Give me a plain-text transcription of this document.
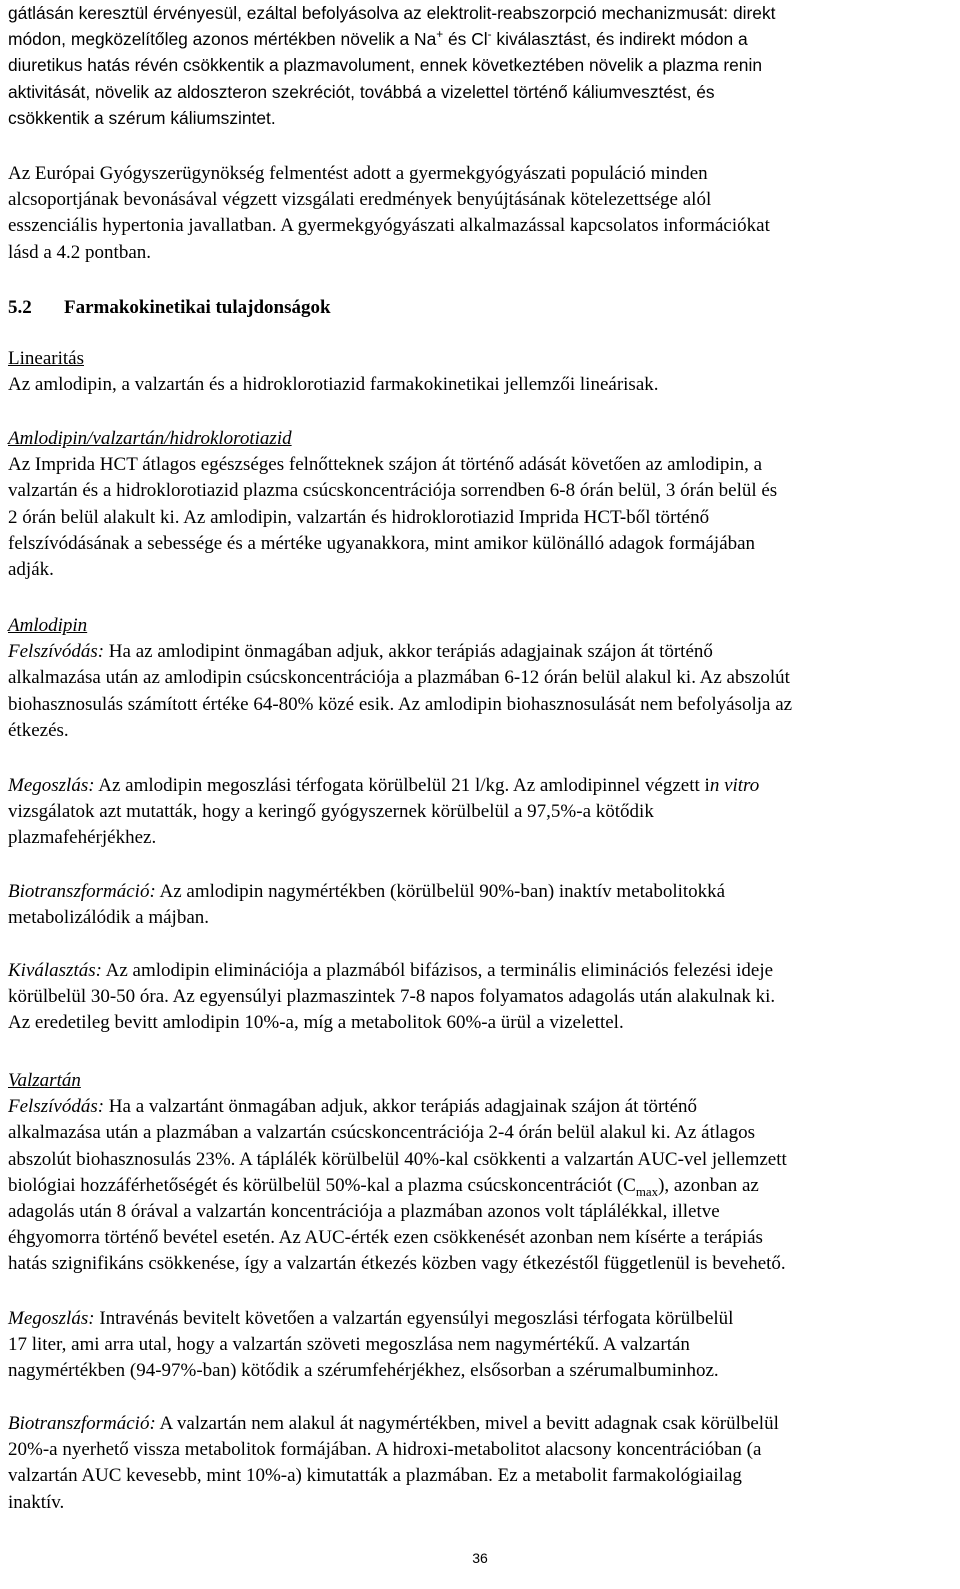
gátlásán keresztül érvényesül, ezáltal befolyásolva az elektrolit-reabszorpció mechanizmusát: direkt
módon, megközelítőleg azonos mértékben növelik a Na+ és Cl- kiválasztást, és indirekt módon a
diuretikus hatás révén csökkentik a plazmavolument, ennek következtében növelik a plazma renin
aktivitását, növelik az aldoszteron szekréciót, továbbá a vizelettel történő káliumvesztést, és
csökkentik a szérum káliumszintet.

Az Európai Gyógyszerügynökség felmentést adott a gyermekgyógyászati populáció minden
alcsoportjának bevonásával végzett vizsgálati eredmények benyújtásának kötelezettsége alól
esszenciális hypertonia javallatban. A gyermekgyógyászati alkalmazással kapcsolatos információkat
lásd a 4.2 pontban.

5.2	Farmakokinetikai tulajdonságok

Linearitás
Az amlodipin, a valzartán és a hidroklorotiazid farmakokinetikai jellemzői lineárisak.

Amlodipin/valzartán/hidroklorotiazid
Az Imprida HCT átlagos egészséges felnőtteknek szájon át történő adását követően az amlodipin, a
valzartán és a hidroklorotiazid plazma csúcskoncentrációja sorrendben 6-8 órán belül, 3 órán belül és
2 órán belül alakult ki. Az amlodipin, valzartán és hidroklorotiazid Imprida HCT-ből történő
felszívódásának a sebessége és a mértéke ugyanakkora, mint amikor különálló adagok formájában
adják.

Amlodipin
Felszívódás: Ha az amlodipint önmagában adjuk, akkor terápiás adagjainak szájon át történő
alkalmazása után az amlodipin csúcskoncentrációja a plazmában 6-12 órán belül alakul ki. Az abszolút
biohasznosulás számított értéke 64-80% közé esik. Az amlodipin biohasznosulását nem befolyásolja az
étkezés.

Megoszlás: Az amlodipin megoszlási térfogata körülbelül 21 l/kg. Az amlodipinnel végzett in vitro
vizsgálatok azt mutatták, hogy a keringő gyógyszernek körülbelül a 97,5%-a kötődik
plazmafehérjékhez.

Biotranszformáció: Az amlodipin nagymértékben (körülbelül 90%-ban) inaktív metabolitokká
metabolizálódik a májban.

Kiválasztás: Az amlodipin eliminációja a plazmából bifázisos, a terminális eliminációs felezési ideje
körülbelül 30-50 óra. Az egyensúlyi plazmaszintek 7-8 napos folyamatos adagolás után alakulnak ki.
Az eredetileg bevitt amlodipin 10%-a, míg a metabolitok 60%-a ürül a vizelettel.

Valzartán
Felszívódás: Ha a valzartánt önmagában adjuk, akkor terápiás adagjainak szájon át történő
alkalmazása után a plazmában a valzartán csúcskoncentrációja 2-4 órán belül alakul ki. Az átlagos
abszolút biohasznosulás 23%. A táplálék körülbelül 40%-kal csökkenti a valzartán AUC-vel jellemzett
biológiai hozzáférhetőségét és körülbelül 50%-kal a plazma csúcskoncentrációt $(C_{max})$, azonban az
adagolás után 8 órával a valzartán koncentrációja a plazmában azonos volt táplálékkal, illetve
éhgyomorra történő bevétel esetén. Az AUC-érték ezen csökkenését azonban nem kísérte a terápiás
hatás szignifikáns csökkenése, így a valzartán étkezés közben vagy étkezéstől függetlenül is bevehető.

Megoszlás: Intravénás bevitelt követően a valzartán egyensúlyi megoszlási térfogata körülbelül
17 liter, ami arra utal, hogy a valzartán szöveti megoszlása nem nagymértékű. A valzartán
nagymértékben (94-97%-ban) kötődik a szérumfehérjékhez, elsősorban a szérumalbuminhoz.

Biotranszformáció: A valzartán nem alakul át nagymértékben, mivel a bevitt adagnak csak körülbelül
20%-a nyerhető vissza metabolitok formájában. A hidroxi-metabolitot alacsony koncentrációban (a
valzartán AUC kevesebb, mint 10%-a) kimutatták a plazmában. Ez a metabolit farmakológiailag
inaktív.

36
